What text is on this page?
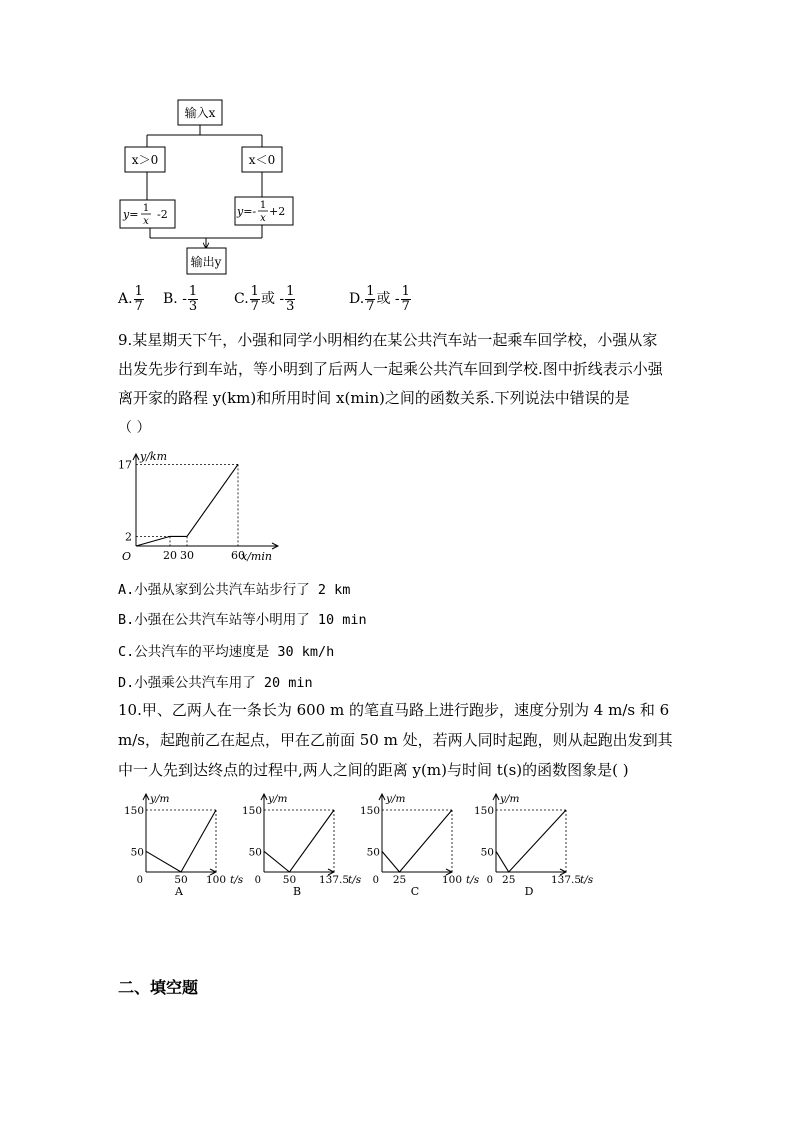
输入x
x＞0	x＜0
y= 1
x
-2	y=- 1
x
+2
输出y
A. $\frac{1}{7} B$. - $\frac{1}{3}$	C. $\frac{1}{7}$ 或 - $\frac{1}{3}$	D. $\frac{1}{7}$ 或 - $\frac{1}{7}$
9.某星期天下午，小强和同学小明相约在某公共汽车站一起乘车回学校，小强从家
出发先步行到车站，等小明到了后两人一起乘公共汽车回到学校.图中折线表示小强
离开家的路程 y(km)和所用时间 x(min)之间的函数关系.下列说法中错误的是
（ ）
20 30	60
2
17
O
y/km
x/min
A.小强从家到公共汽车站步行了 2 km
B.小强在公共汽车站等小明用了 10 min
C.公共汽车的平均速度是 30 km/h
D.小强乘公共汽车用了 20 min
10.甲、乙两人在一条长为 600 m 的笔直马路上进行跑步，速度分别为 4 m/s 和 6
m/s，起跑前乙在起点，甲在乙前面 50 m 处，若两人同时起跑，则从起跑出发到其
中一人先到达终点的过程中,两人之间的距离 y(m)与时间 t(s)的函数图象是( )
50 100
50
150
0
y/m
t/s
A
50 137.5
50
150
0
y/m
t/s
B
25	100
50
150
0
y/m
t/s
C
25	137.5
50
150
0
y/m
t/s
D
二、填空题
